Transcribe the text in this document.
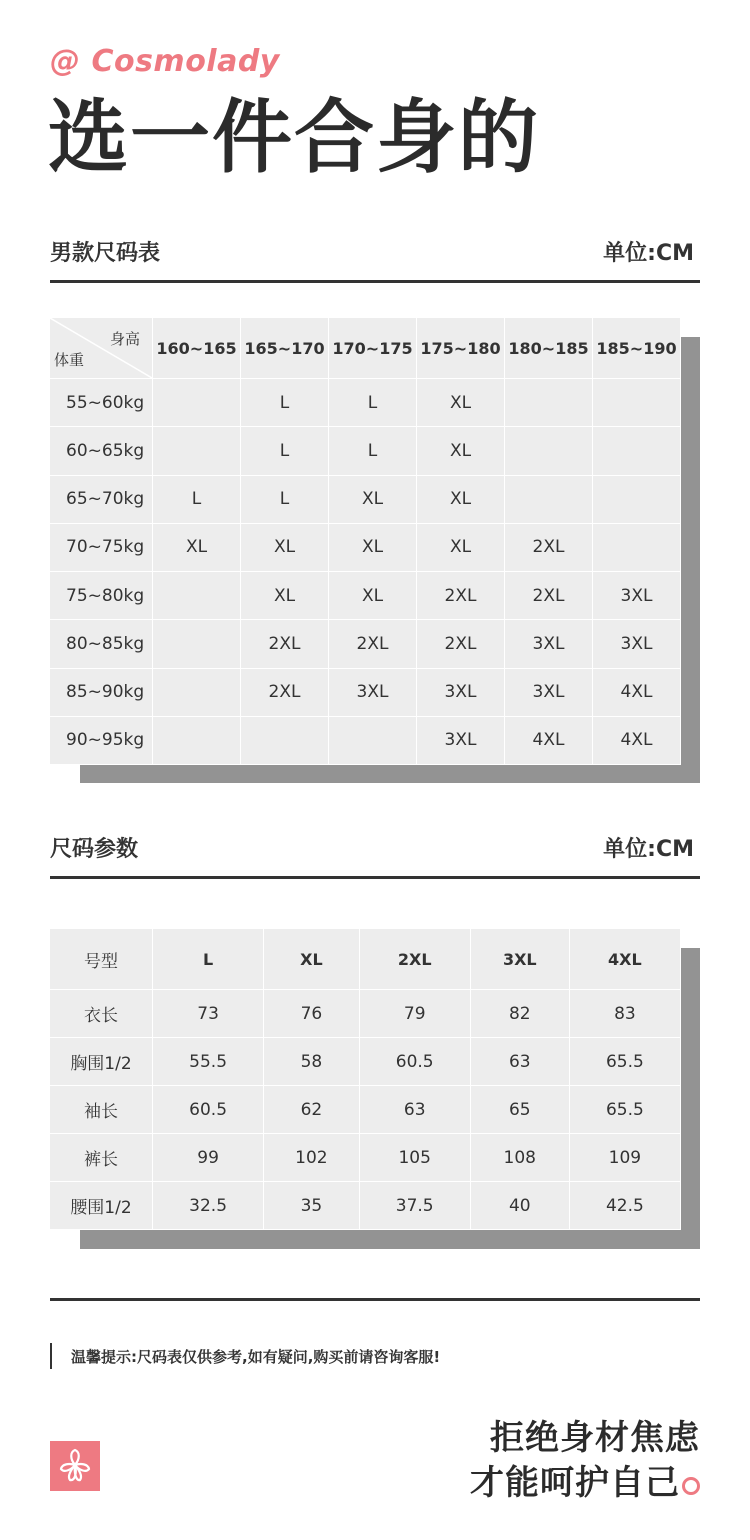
@ Cosmolady
选一件合身的
男款尺码表	单位:CM
身高
体重	160~165	165~170	170~175	175~180	180~185	185~190
55~60kg		L	L	XL		
60~65kg		L	L	XL		
65~70kg	L	L	XL	XL		
70~75kg	XL	XL	XL	XL	2XL	
75~80kg		XL	XL	2XL	2XL	3XL
80~85kg		2XL	2XL	2XL	3XL	3XL
85~90kg		2XL	3XL	3XL	3XL	4XL
90~95kg				3XL	4XL	4XL
尺码参数	单位:CM
号型	L	XL	2XL	3XL	4XL
衣长	73	76	79	82	83
胸围1/2	55.5	58	60.5	63	65.5
袖长	60.5	62	63	65	65.5
裤长	99	102	105	108	109
腰围1/2	32.5	35	37.5	40	42.5
温馨提示:尺码表仅供参考,如有疑问,购买前请咨询客服!
拒绝身材焦虑
才能呵护自己
